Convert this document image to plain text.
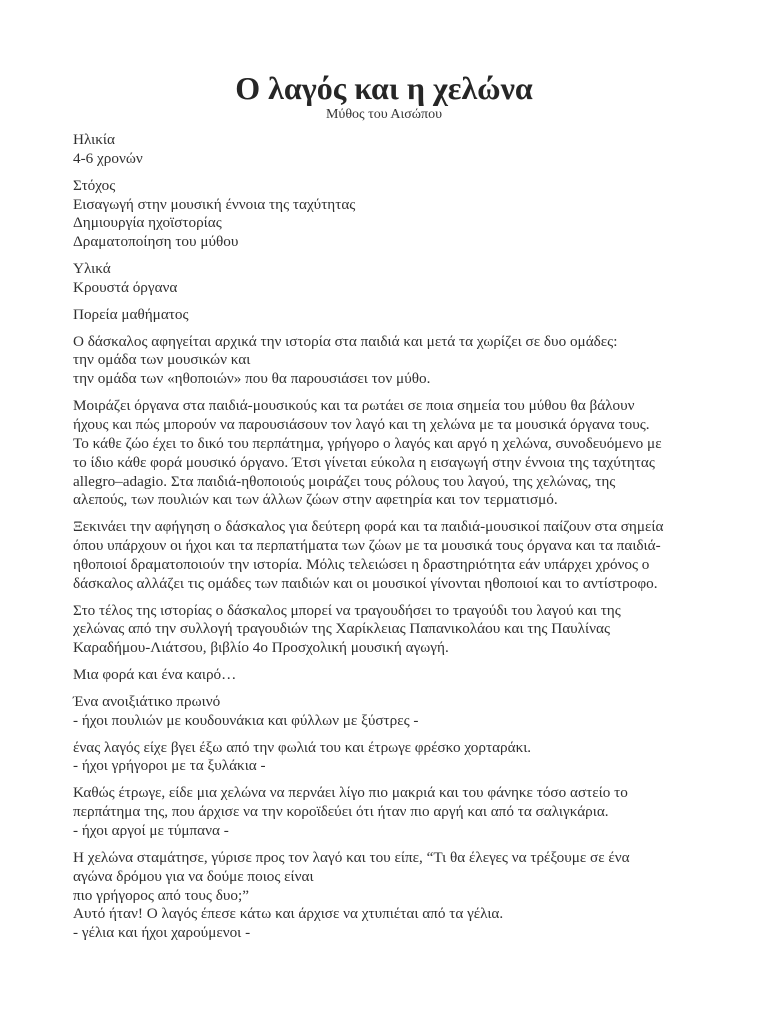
Ο λαγός και η χελώνα
Μύθος του Αισώπου
Ηλικία
4-6 χρονών
Στόχος
Εισαγωγή στην μουσική έννοια της ταχύτητας
Δημιουργία ηχοϊστορίας
Δραματοποίηση του μύθου
Υλικά
Κρουστά όργανα
Πορεία μαθήματος
Ο δάσκαλος αφηγείται αρχικά την ιστορία στα παιδιά και μετά τα χωρίζει σε δυο ομάδες:
την ομάδα των μουσικών και
την ομάδα των «ηθοποιών» που θα παρουσιάσει τον μύθο.
Μοιράζει όργανα στα παιδιά-μουσικούς και τα ρωτάει σε ποια σημεία του μύθου θα βάλουν
ήχους και πώς μπορούν να παρουσιάσουν τον λαγό και τη χελώνα με τα μουσικά όργανα τους.
Το κάθε ζώο έχει το δικό του περπάτημα, γρήγορο ο λαγός και αργό η χελώνα, συνοδευόμενο με
το ίδιο κάθε φορά μουσικό όργανο. Έτσι γίνεται εύκολα η εισαγωγή στην έννοια της ταχύτητας
allegro–adagio. Στα παιδιά-ηθοποιούς μοιράζει τους ρόλους του λαγού, της χελώνας, της
αλεπούς, των πουλιών και των άλλων ζώων στην αφετηρία και τον τερματισμό.
Ξεκινάει την αφήγηση ο δάσκαλος για δεύτερη φορά και τα παιδιά-μουσικοί παίζουν στα σημεία
όπου υπάρχουν οι ήχοι και τα περπατήματα των ζώων με τα μουσικά τους όργανα και τα παιδιά-
ηθοποιοί δραματοποιούν την ιστορία. Μόλις τελειώσει η δραστηριότητα εάν υπάρχει χρόνος ο
δάσκαλος αλλάζει τις ομάδες των παιδιών και οι μουσικοί γίνονται ηθοποιοί και το αντίστροφο.
Στο τέλος της ιστορίας ο δάσκαλος μπορεί να τραγουδήσει το τραγούδι του λαγού και της
χελώνας από την συλλογή τραγουδιών της Χαρίκλειας Παπανικολάου και της Παυλίνας
Καραδήμου-Λιάτσου, βιβλίο 4ο Προσχολική μουσική αγωγή.
Μια φορά και ένα καιρό…
Ένα ανοιξιάτικο πρωινό
- ήχοι πουλιών με κουδουνάκια και φύλλων με ξύστρες -
ένας λαγός είχε βγει έξω από την φωλιά του και έτρωγε φρέσκο χορταράκι.
- ήχοι γρήγοροι με τα ξυλάκια -
Καθώς έτρωγε, είδε μια χελώνα να περνάει λίγο πιο μακριά και του φάνηκε τόσο αστείο το
περπάτημα της, που άρχισε να την κοροϊδεύει ότι ήταν πιο αργή και από τα σαλιγκάρια.
- ήχοι αργοί με τύμπανα -
Η χελώνα σταμάτησε, γύρισε προς τον λαγό και του είπε, “Τι θα έλεγες να τρέξουμε σε ένα
αγώνα δρόμου για να δούμε ποιος είναι
πιο γρήγορος από τους δυο;”
Αυτό ήταν! Ο λαγός έπεσε κάτω και άρχισε να χτυπιέται από τα γέλια.
- γέλια και ήχοι χαρούμενοι -
